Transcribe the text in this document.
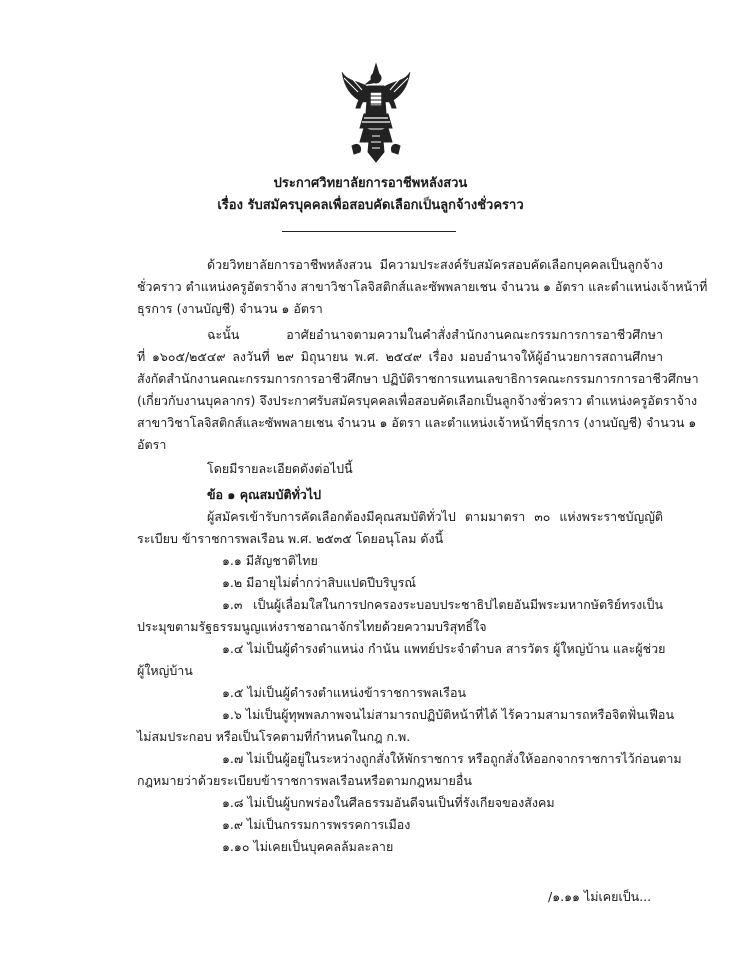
ประกาศวิทยาลัยการอาชีพหลังสวน
เรื่อง รับสมัครบุคคลเพื่อสอบคัดเลือกเป็นลูกจ้างชั่วคราว
ด้วยวิทยาลัยการอาชีพหลังสวน มีความประสงค์รับสมัครสอบคัดเลือกบุคคลเป็นลูกจ้าง
ชั่วคราว ตำแหน่งครูอัตราจ้าง สาขาวิชาโลจิสติกส์และซัพพลายเชน จำนวน ๑ อัตรา และตำแหน่งเจ้าหน้าที่
ธุรการ (งานบัญชี) จำนวน ๑ อัตรา
ฉะนั้น อาศัยอำนาจตามความในคำสั่งสำนักงานคณะกรรมการการอาชีวศึกษา
ที่ ๑๖๐๕/๒๕๔๙ ลงวันที่ ๒๙ มิถุนายน พ.ศ. ๒๕๔๙ เรื่อง มอบอำนาจให้ผู้อำนวยการสถานศึกษา
สังกัดสำนักงานคณะกรรมการการอาชีวศึกษา ปฏิบัติราชการแทนเลขาธิการคณะกรรมการการอาชีวศึกษา
(เกี่ยวกับงานบุคลากร) จึงประกาศรับสมัครบุคคลเพื่อสอบคัดเลือกเป็นลูกจ้างชั่วคราว ตำแหน่งครูอัตราจ้าง
สาขาวิชาโลจิสติกส์และซัพพลายเชน จำนวน ๑ อัตรา และตำแหน่งเจ้าหน้าที่ธุรการ (งานบัญชี) จำนวน ๑
อัตรา
โดยมีรายละเอียดดังต่อไปนี้
ข้อ ๑ คุณสมบัติทั่วไป
ผู้สมัครเข้ารับการคัดเลือกต้องมีคุณสมบัติทั่วไป ตามมาตรา ๓๐ แห่งพระราชบัญญัติ
ระเบียบ ข้าราชการพลเรือน พ.ศ. ๒๕๓๕ โดยอนุโลม ดังนี้
๑.๑ มีสัญชาติไทย
๑.๒ มีอายุไม่ต่ำกว่าสิบแปดปีบริบูรณ์
๑.๓ เป็นผู้เลื่อมใสในการปกครองระบอบประชาธิปไตยอันมีพระมหากษัตริย์ทรงเป็น
ประมุขตามรัฐธรรมนูญแห่งราชอาณาจักรไทยด้วยความบริสุทธิ์ใจ
๑.๔ ไม่เป็นผู้ดำรงตำแหน่ง กำนัน แพทย์ประจำตำบล สารวัตร ผู้ใหญ่บ้าน และผู้ช่วย
ผู้ใหญ่บ้าน
๑.๕ ไม่เป็นผู้ดำรงตำแหน่งข้าราชการพลเรือน
๑.๖ ไม่เป็นผู้ทุพพลภาพจนไม่สามารถปฏิบัติหน้าที่ได้ ไร้ความสามารถหรือจิตฟั่นเฟือน
ไม่สมประกอบ หรือเป็นโรคตามที่กำหนดในกฎ ก.พ.
๑.๗ ไม่เป็นผู้อยู่ในระหว่างถูกสั่งให้พักราชการ หรือถูกสั่งให้ออกจากราชการไว้ก่อนตาม
กฎหมายว่าด้วยระเบียบข้าราชการพลเรือนหรือตามกฎหมายอื่น
๑.๘ ไม่เป็นผู้บกพร่องในศีลธรรมอันดีจนเป็นที่รังเกียจของสังคม
๑.๙ ไม่เป็นกรรมการพรรคการเมือง
๑.๑๐ ไม่เคยเป็นบุคคลล้มละลาย
/๑.๑๑ ไม่เคยเป็น...
